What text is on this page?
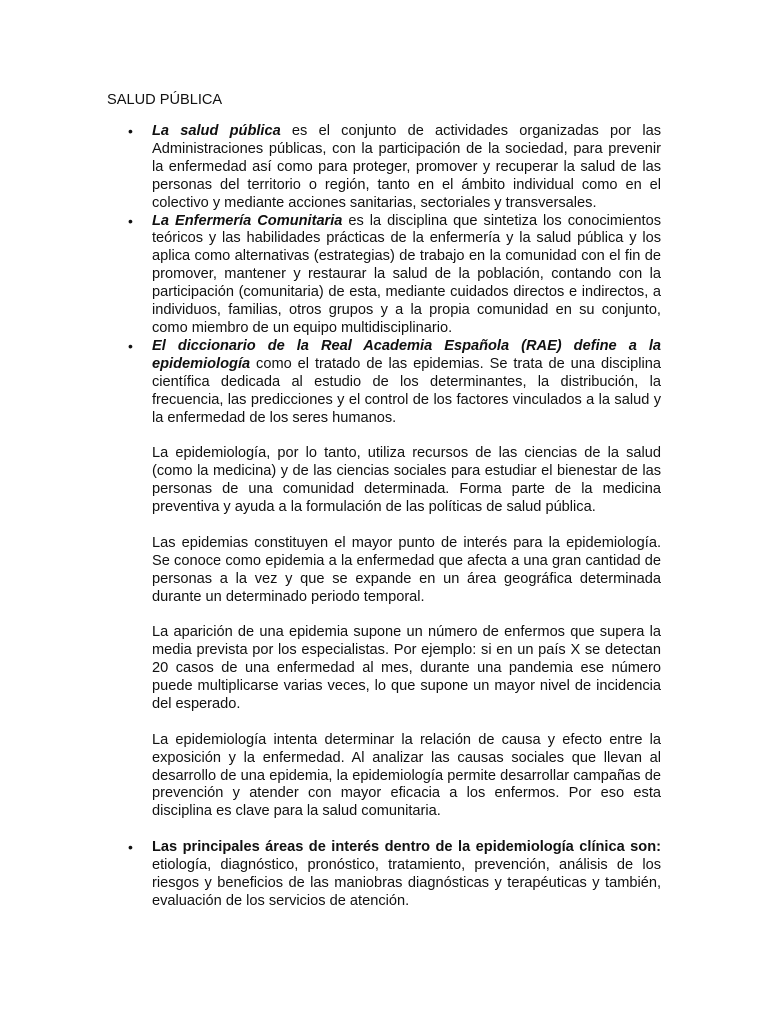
SALUD PÚBLICA
• La salud pública es el conjunto de actividades organizadas por las Administraciones públicas, con la participación de la sociedad, para prevenir la enfermedad así como para proteger, promover y recuperar la salud de las personas del territorio o región, tanto en el ámbito individual como en el colectivo y mediante acciones sanitarias, sectoriales y transversales.

• La Enfermería Comunitaria es la disciplina que sintetiza los conocimientos teóricos y las habilidades prácticas de la enfermería y la salud pública y los aplica como alternativas (estrategias) de trabajo en la comunidad con el fin de promover, mantener y restaurar la salud de la población, contando con la participación (comunitaria) de esta, mediante cuidados directos e indirectos, a individuos, familias, otros grupos y a la propia comunidad en su conjunto, como miembro de un equipo multidisciplinario.

• El diccionario de la Real Academia Española (RAE) define a la epidemiología como el tratado de las epidemias. Se trata de una disciplina científica dedicada al estudio de los determinantes, la distribución, la frecuencia, las predicciones y el control de los factores vinculados a la salud y la enfermedad de los seres humanos.

La epidemiología, por lo tanto, utiliza recursos de las ciencias de la salud (como la medicina) y de las ciencias sociales para estudiar el bienestar de las personas de una comunidad determinada. Forma parte de la medicina preventiva y ayuda a la formulación de las políticas de salud pública.

Las epidemias constituyen el mayor punto de interés para la epidemiología. Se conoce como epidemia a la enfermedad que afecta a una gran cantidad de personas a la vez y que se expande en un área geográfica determinada durante un determinado periodo temporal.

La aparición de una epidemia supone un número de enfermos que supera la media prevista por los especialistas. Por ejemplo: si en un país X se detectan 20 casos de una enfermedad al mes, durante una pandemia ese número puede multiplicarse varias veces, lo que supone un mayor nivel de incidencia del esperado.

La epidemiología intenta determinar la relación de causa y efecto entre la exposición y la enfermedad. Al analizar las causas sociales que llevan al desarrollo de una epidemia, la epidemiología permite desarrollar campañas de prevención y atender con mayor eficacia a los enfermos. Por eso esta disciplina es clave para la salud comunitaria.

• Las principales áreas de interés dentro de la epidemiología clínica son: etiología, diagnóstico, pronóstico, tratamiento, prevención, análisis de los riesgos y beneficios de las maniobras diagnósticas y terapéuticas y también, evaluación de los servicios de atención.
